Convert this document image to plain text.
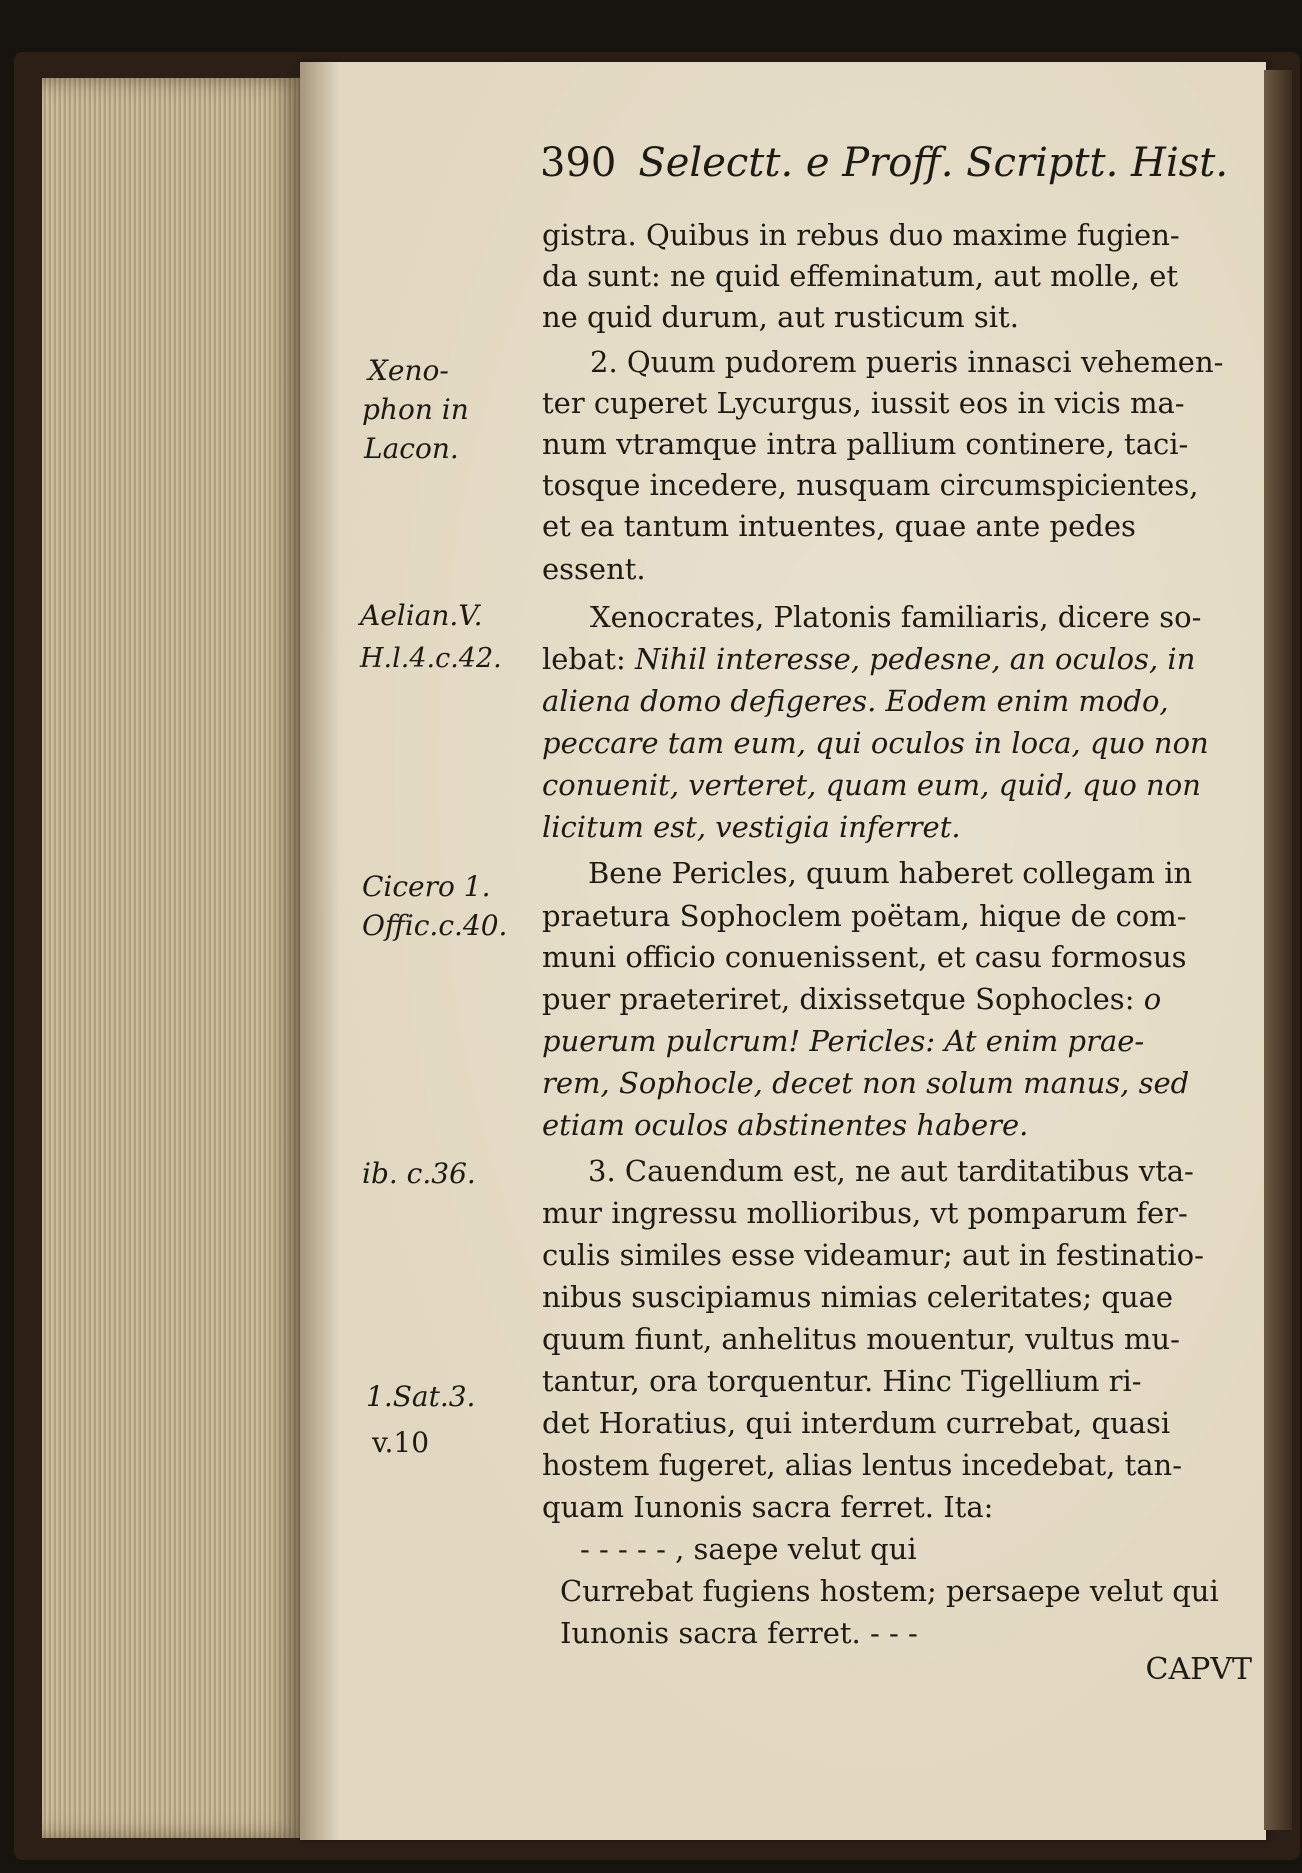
390 Selectt. e Proff. Scriptt. Hist.

Xeno-

phon in

Lacon.

Aelian.V.

H.l.4.c.42.

Cicero 1.

Offic.c.40.

ib. c.36.

1.Sat.3.

v.10

gistra. Quibus in rebus duo maxime fugien-

da sunt: ne quid effeminatum, aut molle, et

ne quid durum, aut rusticum sit.

2. Quum pudorem pueris innasci vehemen-

ter cuperet Lycurgus, iussit eos in vicis ma-

num vtramque intra pallium continere, taci-

tosque incedere, nusquam circumspicientes,

et ea tantum intuentes, quae ante pedes

essent.

Xenocrates, Platonis familiaris, dicere so-

lebat: Nihil interesse, pedesne, an oculos, in

aliena domo defigeres. Eodem enim modo,

peccare tam eum, qui oculos in loca, quo non

conuenit, verteret, quam eum, quid, quo non

licitum est, vestigia inferret.

Bene Pericles, quum haberet collegam in

praetura Sophoclem poëtam, hique de com-

muni officio conuenissent, et casu formosus

puer praeteriret, dixissetque Sophocles: o

puerum pulcrum! Pericles: At enim prae-

rem, Sophocle, decet non solum manus, sed

etiam oculos abstinentes habere.

3. Cauendum est, ne aut tarditatibus vta-

mur ingressu mollioribus, vt pomparum fer-

culis similes esse videamur; aut in festinatio-

nibus suscipiamus nimias celeritates; quae

quum fiunt, anhelitus mouentur, vultus mu-

tantur, ora torquentur. Hinc Tigellium ri-

det Horatius, qui interdum currebat, quasi

hostem fugeret, alias lentus incedebat, tan-

quam Iunonis sacra ferret. Ita:

- - - - - , saepe velut qui

Currebat fugiens hostem; persaepe velut qui

Iunonis sacra ferret. - - -

CAPVT
